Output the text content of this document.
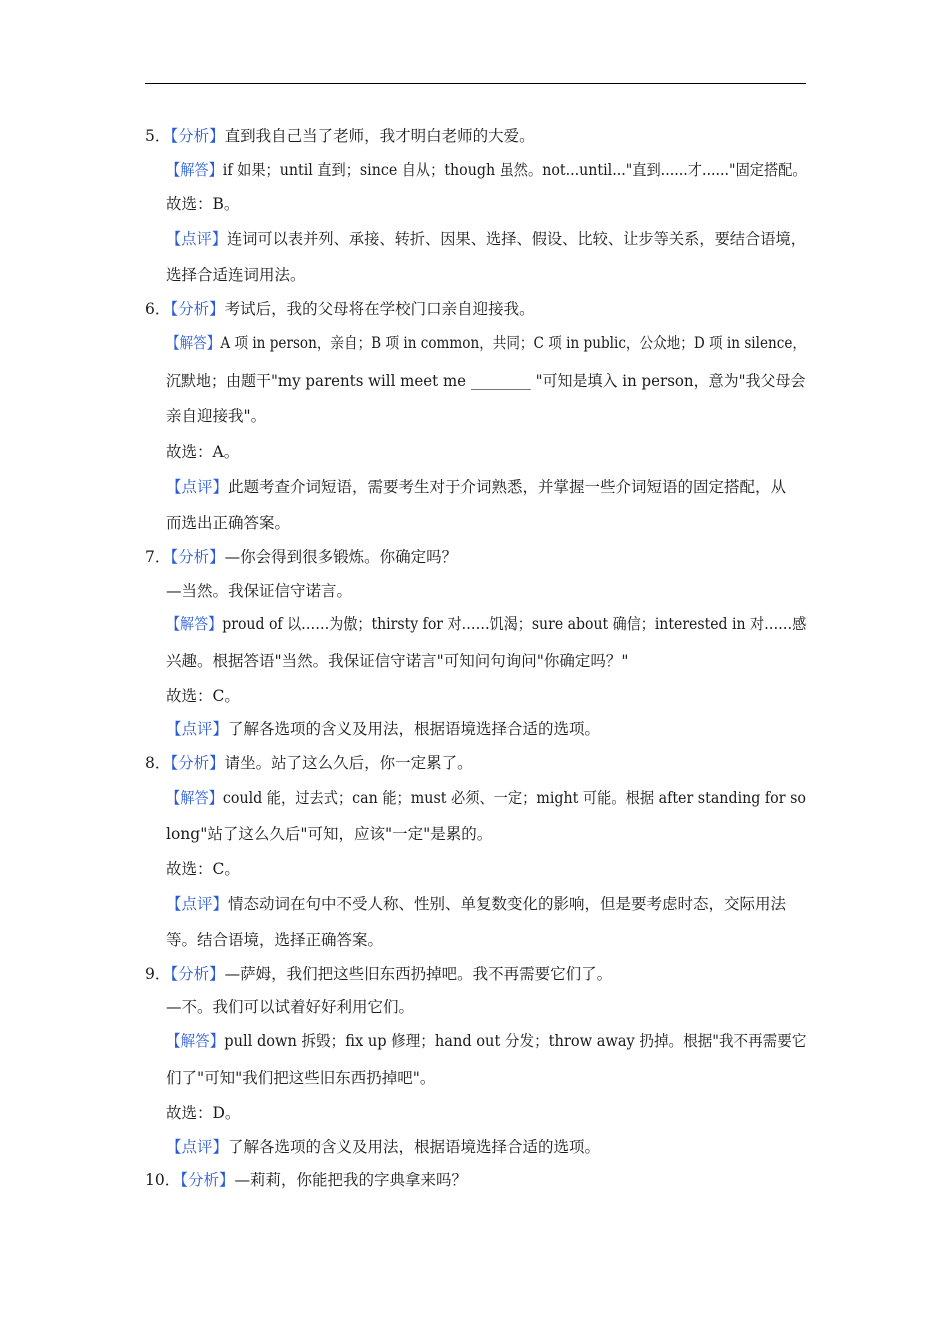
5．【分析】直到我自己当了老师，我才明白老师的大爱。
【解答】if 如果；until 直到；since 自从；though 虽然。not...until..."直到......才......"固定搭配。
故选：B。
【点评】连词可以表并列、承接、转折、因果、选择、假设、比较、让步等关系，要结合语境，
选择合适连词用法。
6．【分析】考试后，我的父母将在学校门口亲自迎接我。
【解答】A 项 in person，亲自；B 项 in common，共同；C 项 in public，公众地；D 项 in silence，
沉默地；由题干"my parents will meet me ________ "可知是填入 in person，意为"我父母会
亲自迎接我"。
故选：A。
【点评】此题考查介词短语，需要考生对于介词熟悉，并掌握一些介词短语的固定搭配，从
而选出正确答案。
7．【分析】—你会得到很多锻炼。你确定吗？
—当然。我保证信守诺言。
【解答】proud of 以……为傲；thirsty for 对……饥渴；sure about 确信；interested in 对……感
兴趣。根据答语"当然。我保证信守诺言"可知问句询问"你确定吗？"
故选：C。
【点评】了解各选项的含义及用法，根据语境选择合适的选项。
8．【分析】请坐。站了这么久后，你一定累了。
【解答】could 能，过去式；can 能；must 必须、一定；might 可能。根据 after standing for so
long"站了这么久后"可知，应该"一定"是累的。
故选：C。
【点评】情态动词在句中不受人称、性别、单复数变化的影响，但是要考虑时态，交际用法
等。结合语境，选择正确答案。
9．【分析】—萨姆，我们把这些旧东西扔掉吧。我不再需要它们了。
—不。我们可以试着好好利用它们。
【解答】pull down 拆毁；fix up 修理；hand out 分发；throw away 扔掉。根据"我不再需要它
们了"可知"我们把这些旧东西扔掉吧"。
故选：D。
【点评】了解各选项的含义及用法，根据语境选择合适的选项。
10．【分析】—莉莉，你能把我的字典拿来吗？
